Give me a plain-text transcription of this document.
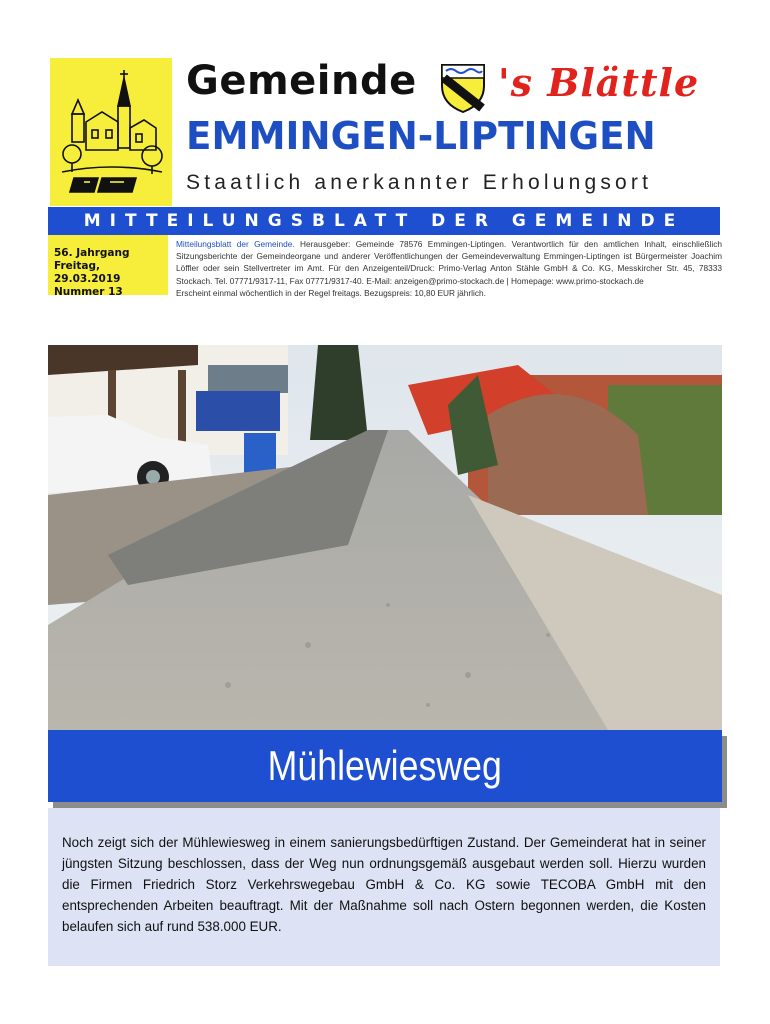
Gemeinde 's Blättle
EMMINGEN-LIPTINGEN
Staatlich anerkannter Erholungsort
MITTEILUNGSBLATT DER GEMEINDE
56. Jahrgang
Freitag, 29.03.2019
Nummer 13
Mitteilungsblatt der Gemeinde. Herausgeber: Gemeinde 78576 Emmingen-Liptingen. Verantwortlich für den amtlichen Inhalt, einschließlich Sitzungsberichte der Gemeindeorgane und anderer Veröffentlichungen der Gemeindeverwaltung Emmingen-Liptingen ist Bürgermeister Joachim Löffler oder sein Stellvertreter im Amt. Für den Anzeigenteil/Druck: Primo-Verlag Anton Stähle GmbH & Co. KG, Messkircher Str. 45, 78333 Stockach. Tel. 07771/9317-11, Fax 07771/9317-40. E-Mail: anzeigen@primo-stockach.de | Homepage: www.primo-stockach.de
Erscheint einmal wöchentlich in der Regel freitags. Bezugspreis: 10,80 EUR jährlich.
Mühlewiesweg

Noch zeigt sich der Mühlewiesweg in einem sanierungsbedürftigen Zustand. Der Gemeinderat hat in seiner jüngsten Sitzung beschlossen, dass der Weg nun ordnungsgemäß ausgebaut werden soll. Hierzu wurden die Firmen Friedrich Storz Verkehrswegebau GmbH & Co. KG sowie TECOBA GmbH mit den entsprechenden Arbeiten beauftragt. Mit der Maßnahme soll nach Ostern begonnen werden, die Kosten belaufen sich auf rund 538.000 EUR.
